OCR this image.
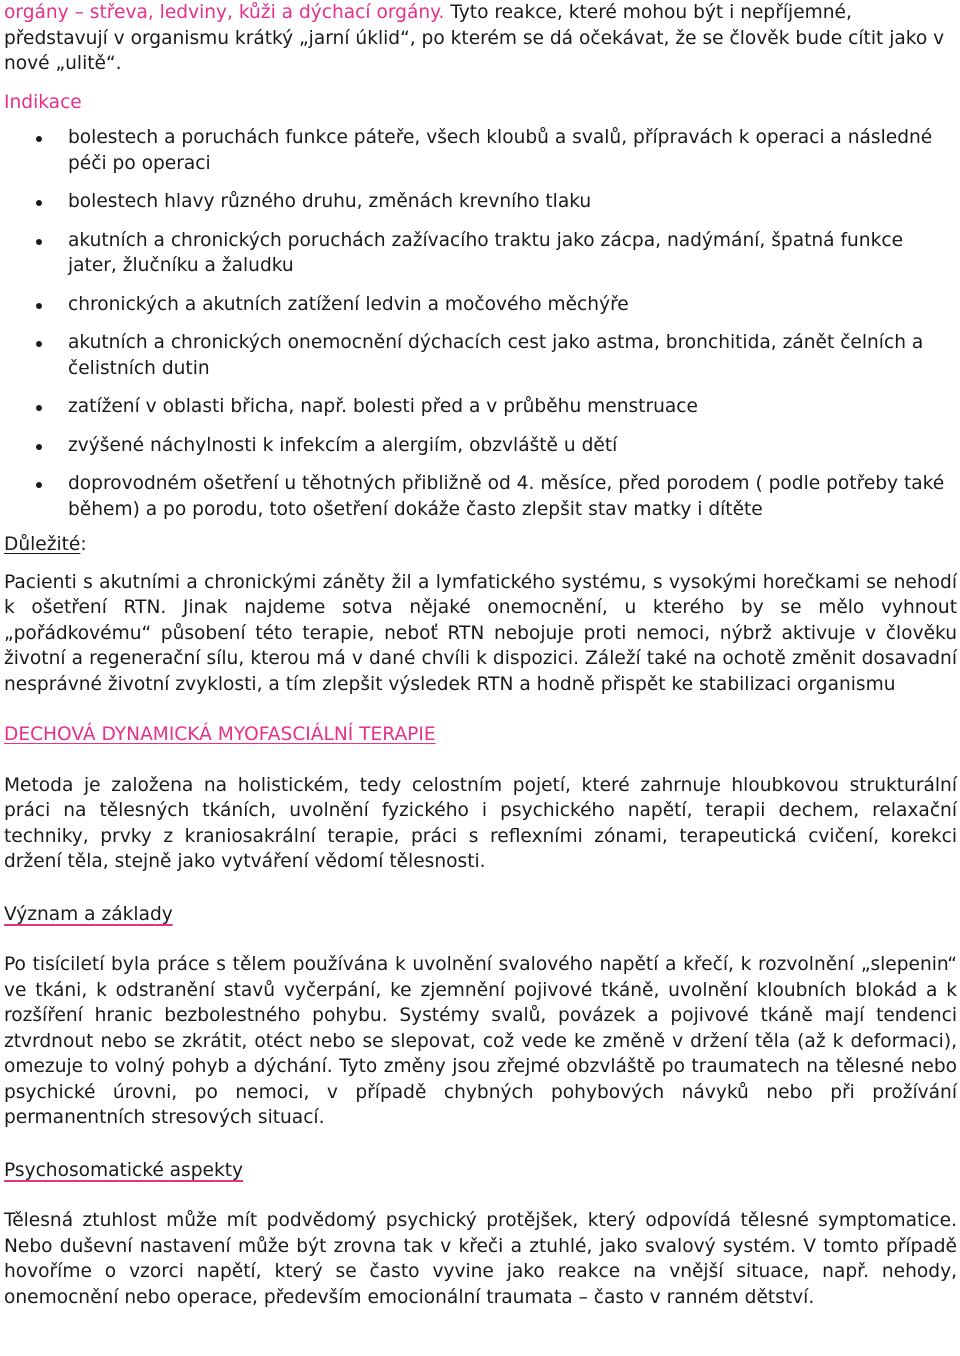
orgány – střeva, ledviny, kůži a dýchací orgány. Tyto reakce, které mohou být i nepříjemné, představují v organismu krátký „jarní úklid“, po kterém se dá očekávat, že se člověk bude cítit jako v nové „ulitě“.

Indikace

bolestech a poruchách funkce páteře, všech kloubů a svalů, přípravách k operaci a následné péči po operaci
bolestech hlavy různého druhu, změnách krevního tlaku
akutních a chronických poruchách zažívacího traktu jako zácpa, nadýmání, špatná funkce jater, žlučníku a žaludku
chronických a akutních zatížení ledvin a močového měchýře
akutních a chronických onemocnění dýchacích cest jako astma, bronchitida, zánět čelních a čelistních dutin
zatížení v oblasti břicha, např. bolesti před a v průběhu menstruace
zvýšené náchylnosti k infekcím a alergiím, obzvláště u dětí
doprovodném ošetření u těhotných přibližně od 4. měsíce, před porodem ( podle potřeby také během) a po porodu, toto ošetření dokáže často zlepšit stav matky i dítěte

Důležité:

Pacienti s akutními a chronickými záněty žil a lymfatického systému, s vysokými horečkami se nehodí k ošetření RTN. Jinak najdeme sotva nějaké onemocnění, u kterého by se mělo vyhnout „pořádkovému“ působení této terapie, neboť RTN nebojuje proti nemoci, nýbrž aktivuje v člověku životní a regenerační sílu, kterou má v dané chvíli k dispozici. Záleží také na ochotě změnit dosavadní nesprávné životní zvyklosti, a tím zlepšit výsledek RTN a hodně přispět ke stabilizaci organismu

DECHOVÁ DYNAMICKÁ MYOFASCIÁLNÍ TERAPIE

Metoda je založena na holistickém, tedy celostním pojetí, které zahrnuje hloubkovou strukturální práci na tělesných tkáních, uvolnění fyzického i psychického napětí, terapii dechem, relaxační techniky, prvky z kraniosakrální terapie, práci s reflexními zónami, terapeutická cvičení, korekci držení těla, stejně jako vytváření vědomí tělesnosti.

Význam a základy

Po tisíciletí byla práce s tělem používána k uvolnění svalového napětí a křečí, k rozvolnění „slepenin“ ve tkáni, k odstranění stavů vyčerpání, ke zjemnění pojivové tkáně, uvolnění kloubních blokád a k rozšíření hranic bezbolestného pohybu. Systémy svalů, povázek a pojivové tkáně mají tendenci ztvrdnout nebo se zkrátit, otéct nebo se slepovat, což vede ke změně v držení těla (až k deformaci), omezuje to volný pohyb a dýchání. Tyto změny jsou zřejmé obzvláště po traumatech na tělesné nebo psychické úrovni, po nemoci, v případě chybných pohybových návyků nebo při prožívání permanentních stresových situací.

Psychosomatické aspekty

Tělesná ztuhlost může mít podvědomý psychický protějšek, který odpovídá tělesné symptomatice. Nebo duševní nastavení může být zrovna tak v křeči a ztuhlé, jako svalový systém. V tomto případě hovoříme o vzorci napětí, který se často vyvine jako reakce na vnější situace, např. nehody, onemocnění nebo operace, především emocionální traumata – často v ranném dětství.
